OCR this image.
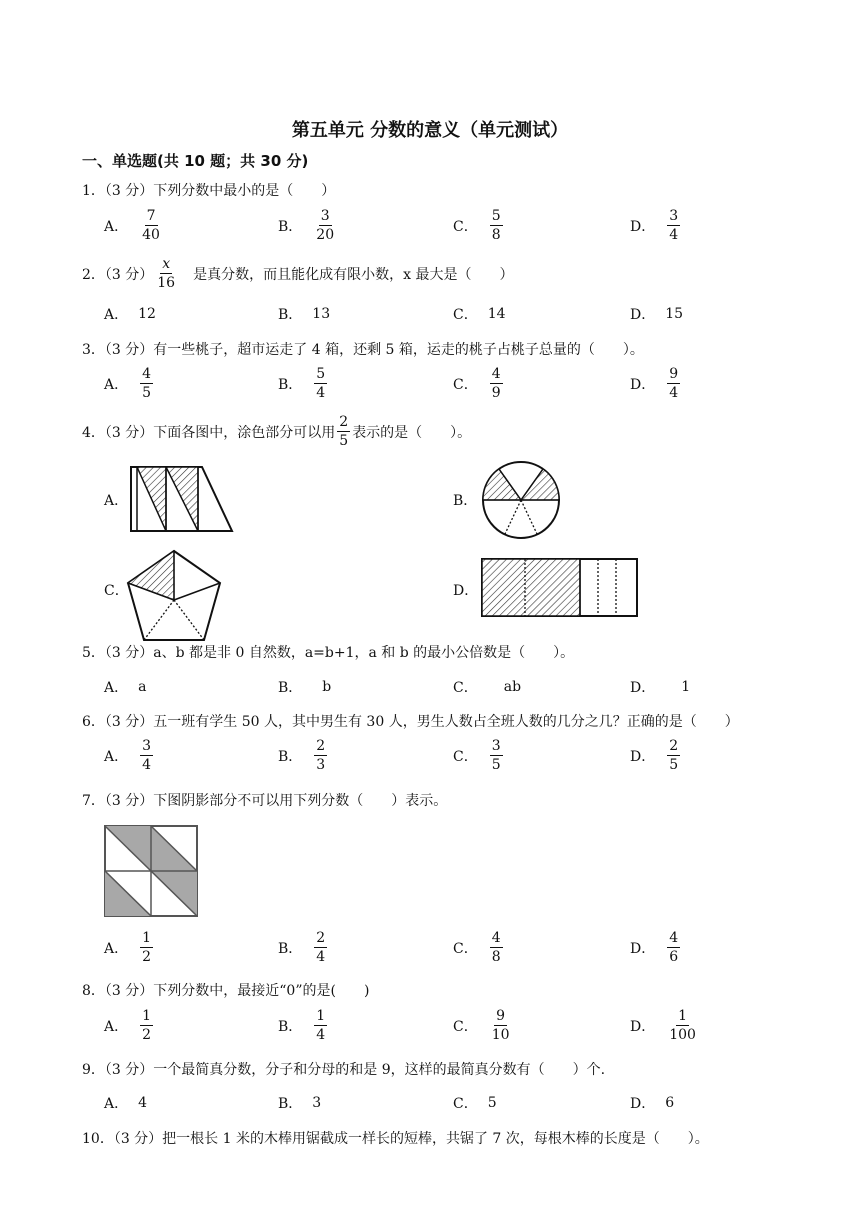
第五单元 分数的意义（单元测试）
一、单选题(共 10 题；共 30 分)
1．（3 分）下列分数中最小的是（　　）
A． $\frac{7}{40}$	B． $\frac{3}{20}$	C． $\frac{5}{8}$	D． $\frac{3}{4}$
2．（3 分） $\frac{x}{16}$ 是真分数，而且能化成有限小数，x 最大是（　　）
A． 12	B． 13	C． 14	D． 15
3．（3 分）有一些桃子，超市运走了 4 箱，还剩 5 箱，运走的桃子占桃子总量的（　　）。
A． $\frac{4}{5}$	B． $\frac{5}{4}$	C． $\frac{4}{9}$	D． $\frac{9}{4}$
4．（3 分）下面各图中，涂色部分可以用 $\frac{2}{5}$ 表示的是（　　）。
A．	B．
C．	D．
5．（3 分）a、b 都是非 0 自然数，a=b+1，a 和 b 的最小公倍数是（　　）。
A． a	B． b	C． ab	D． 1
6．（3 分）五一班有学生 50 人，其中男生有 30 人，男生人数占全班人数的几分之几？正确的是（　　）
A． $\frac{3}{4}$	B． $\frac{2}{3}$	C． $\frac{3}{5}$	D． $\frac{2}{5}$
7．（3 分）下图阴影部分不可以用下列分数（　　）表示。
A． $\frac{1}{2}$	B． $\frac{2}{4}$	C． $\frac{4}{8}$	D． $\frac{4}{6}$
8．（3 分）下列分数中，最接近“0”的是(　　)
A． $\frac{1}{2}$	B． $\frac{1}{4}$	C． $\frac{9}{10}$	D． $\frac{1}{100}$
9．（3 分）一个最简真分数，分子和分母的和是 9，这样的最简真分数有（　　）个.
A． 4	B． 3	C． 5	D． 6
10．（3 分）把一根长 1 米的木棒用锯截成一样长的短棒，共锯了 7 次，每根木棒的长度是（　　）。
